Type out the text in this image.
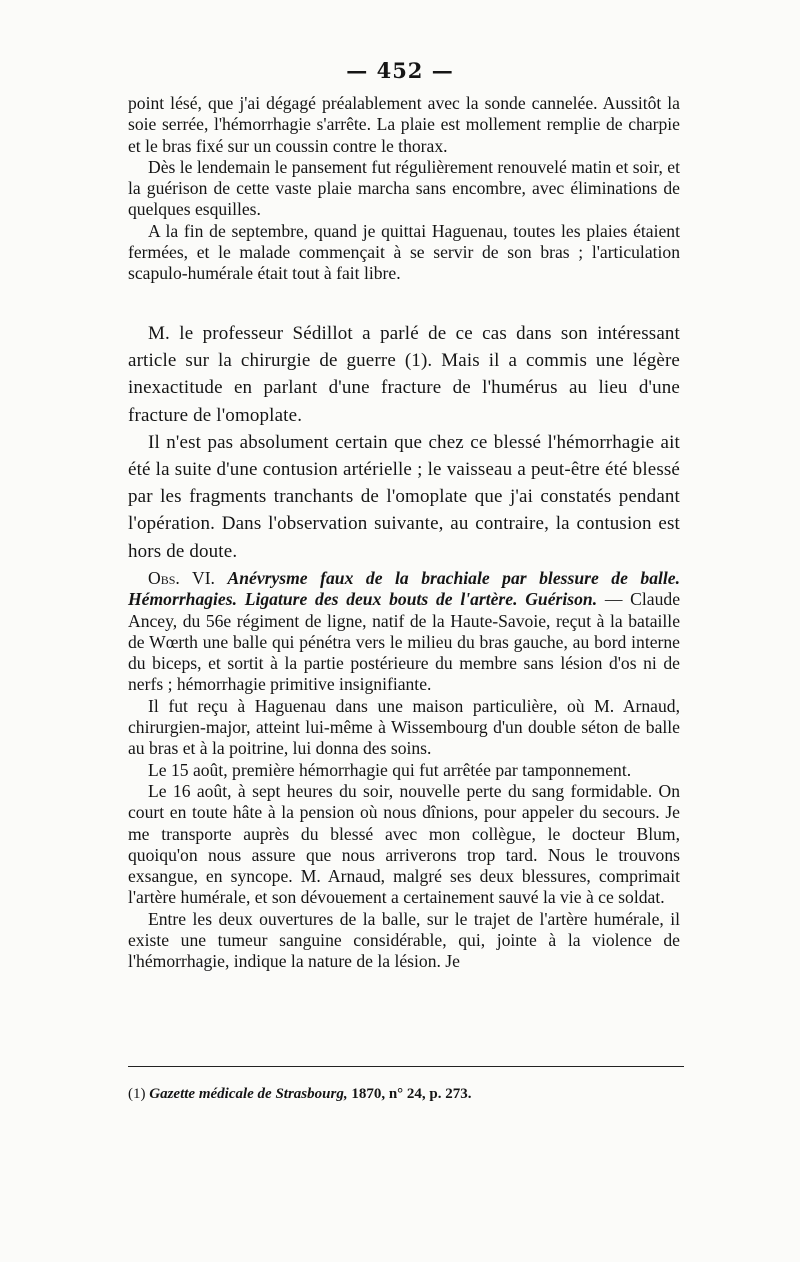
— 452 —

point lésé, que j'ai dégagé préalablement avec la sonde cannelée. Aussitôt la soie serrée, l'hémorrhagie s'arrête. La plaie est mollement remplie de charpie et le bras fixé sur un coussin contre le thorax.

Dès le lendemain le pansement fut régulièrement renouvelé matin et soir, et la guérison de cette vaste plaie marcha sans encombre, avec éliminations de quelques esquilles.

A la fin de septembre, quand je quittai Haguenau, toutes les plaies étaient fermées, et le malade commençait à se servir de son bras ; l'articulation scapulo-humérale était tout à fait libre.

M. le professeur Sédillot a parlé de ce cas dans son intéressant article sur la chirurgie de guerre (1). Mais il a commis une légère inexactitude en parlant d'une fracture de l'humérus au lieu d'une fracture de l'omoplate.

Il n'est pas absolument certain que chez ce blessé l'hémorrhagie ait été la suite d'une contusion artérielle ; le vaisseau a peut-être été blessé par les fragments tranchants de l'omoplate que j'ai constatés pendant l'opération. Dans l'observation suivante, au contraire, la contusion est hors de doute.

Obs. VI. Anévrysme faux de la brachiale par blessure de balle. Hémorrhagies. Ligature des deux bouts de l'artère. Guérison. — Claude Ancey, du 56e régiment de ligne, natif de la Haute-Savoie, reçut à la bataille de Wœrth une balle qui pénétra vers le milieu du bras gauche, au bord interne du biceps, et sortit à la partie postérieure du membre sans lésion d'os ni de nerfs ; hémorrhagie primitive insignifiante.

Il fut reçu à Haguenau dans une maison particulière, où M. Arnaud, chirurgien-major, atteint lui-même à Wissembourg d'un double séton de balle au bras et à la poitrine, lui donna des soins.

Le 15 août, première hémorrhagie qui fut arrêtée par tamponnement.

Le 16 août, à sept heures du soir, nouvelle perte du sang formidable. On court en toute hâte à la pension où nous dînions, pour appeler du secours. Je me transporte auprès du blessé avec mon collègue, le docteur Blum, quoiqu'on nous assure que nous arriverons trop tard. Nous le trouvons exsangue, en syncope. M. Arnaud, malgré ses deux blessures, comprimait l'artère humérale, et son dévouement a certainement sauvé la vie à ce soldat.

Entre les deux ouvertures de la balle, sur le trajet de l'artère humérale, il existe une tumeur sanguine considérable, qui, jointe à la violence de l'hémorrhagie, indique la nature de la lésion. Je

(1) Gazette médicale de Strasbourg, 1870, n° 24, p. 273.
